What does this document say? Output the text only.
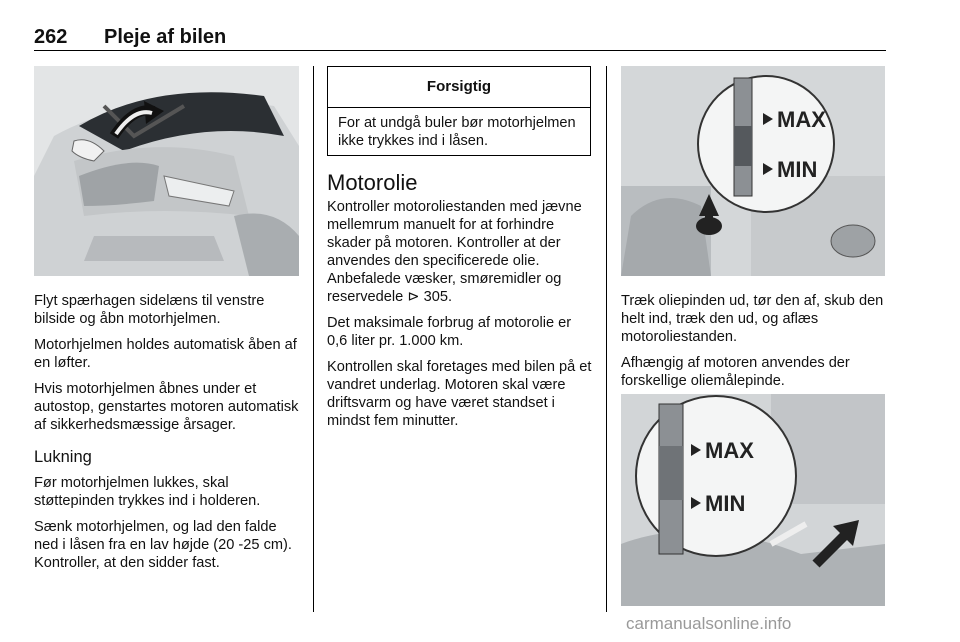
262 Pleje af bilen

Flyt spærhagen sidelæns til venstre bilside og åbn motorhjelmen.

Motorhjelmen holdes automatisk åben af en løfter.

Hvis motorhjelmen åbnes under et autostop, genstartes motoren automatisk af sikkerhedsmæssige årsager.

Lukning

Før motorhjelmen lukkes, skal støttepinden trykkes ind i holderen.

Sænk motorhjelmen, og lad den falde ned i låsen fra en lav højde (20 -25 cm). Kontroller, at den sidder fast.

Forsigtig
For at undgå buler bør motorhjelmen ikke trykkes ind i låsen.
Motorolie

Kontroller motoroliestanden med jævne mellemrum manuelt for at forhindre skader på motoren. Kontroller at der anvendes den specificerede olie. Anbefalede væsker, smøremidler og reservedele ⊳ 305.

Det maksimale forbrug af motorolie er 0,6 liter pr. 1.000 km.

Kontrollen skal foretages med bilen på et vandret underlag. Motoren skal være driftsvarm og have været standset i mindst fem minutter.

MAX
MIN

Træk oliepinden ud, tør den af, skub den helt ind, træk den ud, og aflæs motoroliestanden.

Afhængig af motoren anvendes der forskellige oliemålepinde.

MAX
MIN
carmanualsonline.info
